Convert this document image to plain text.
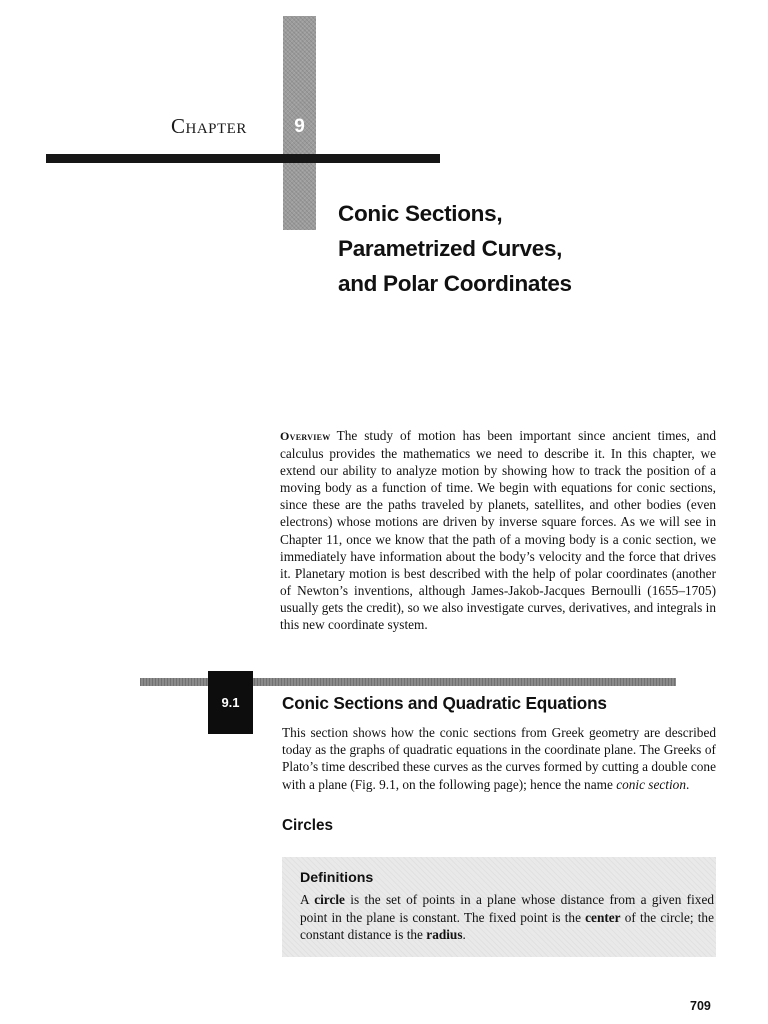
Chapter	9
Conic Sections,
Parametrized Curves,
and Polar Coordinates
Overview The study of motion has been important since ancient times, and calculus provides the mathematics we need to describe it. In this chapter, we extend our ability to analyze motion by showing how to track the position of a moving body as a function of time. We begin with equations for conic sections, since these are the paths traveled by planets, satellites, and other bodies (even electrons) whose motions are driven by inverse square forces. As we will see in Chapter 11, once we know that the path of a moving body is a conic section, we immediately have information about the body’s velocity and the force that drives it. Planetary motion is best described with the help of polar coordinates (another of Newton’s inventions, although James-Jakob-Jacques Bernoulli (1655–1705) usually gets the credit), so we also investigate curves, derivatives, and integrals in this new coordinate system.
9.1	Conic Sections and Quadratic Equations
This section shows how the conic sections from Greek geometry are described today as the graphs of quadratic equations in the coordinate plane. The Greeks of Plato’s time described these curves as the curves formed by cutting a double cone with a plane (Fig. 9.1, on the following page); hence the name conic section.
Circles
Definitions
A circle is the set of points in a plane whose distance from a given fixed point in the plane is constant. The fixed point is the center of the circle; the constant distance is the radius.
709
